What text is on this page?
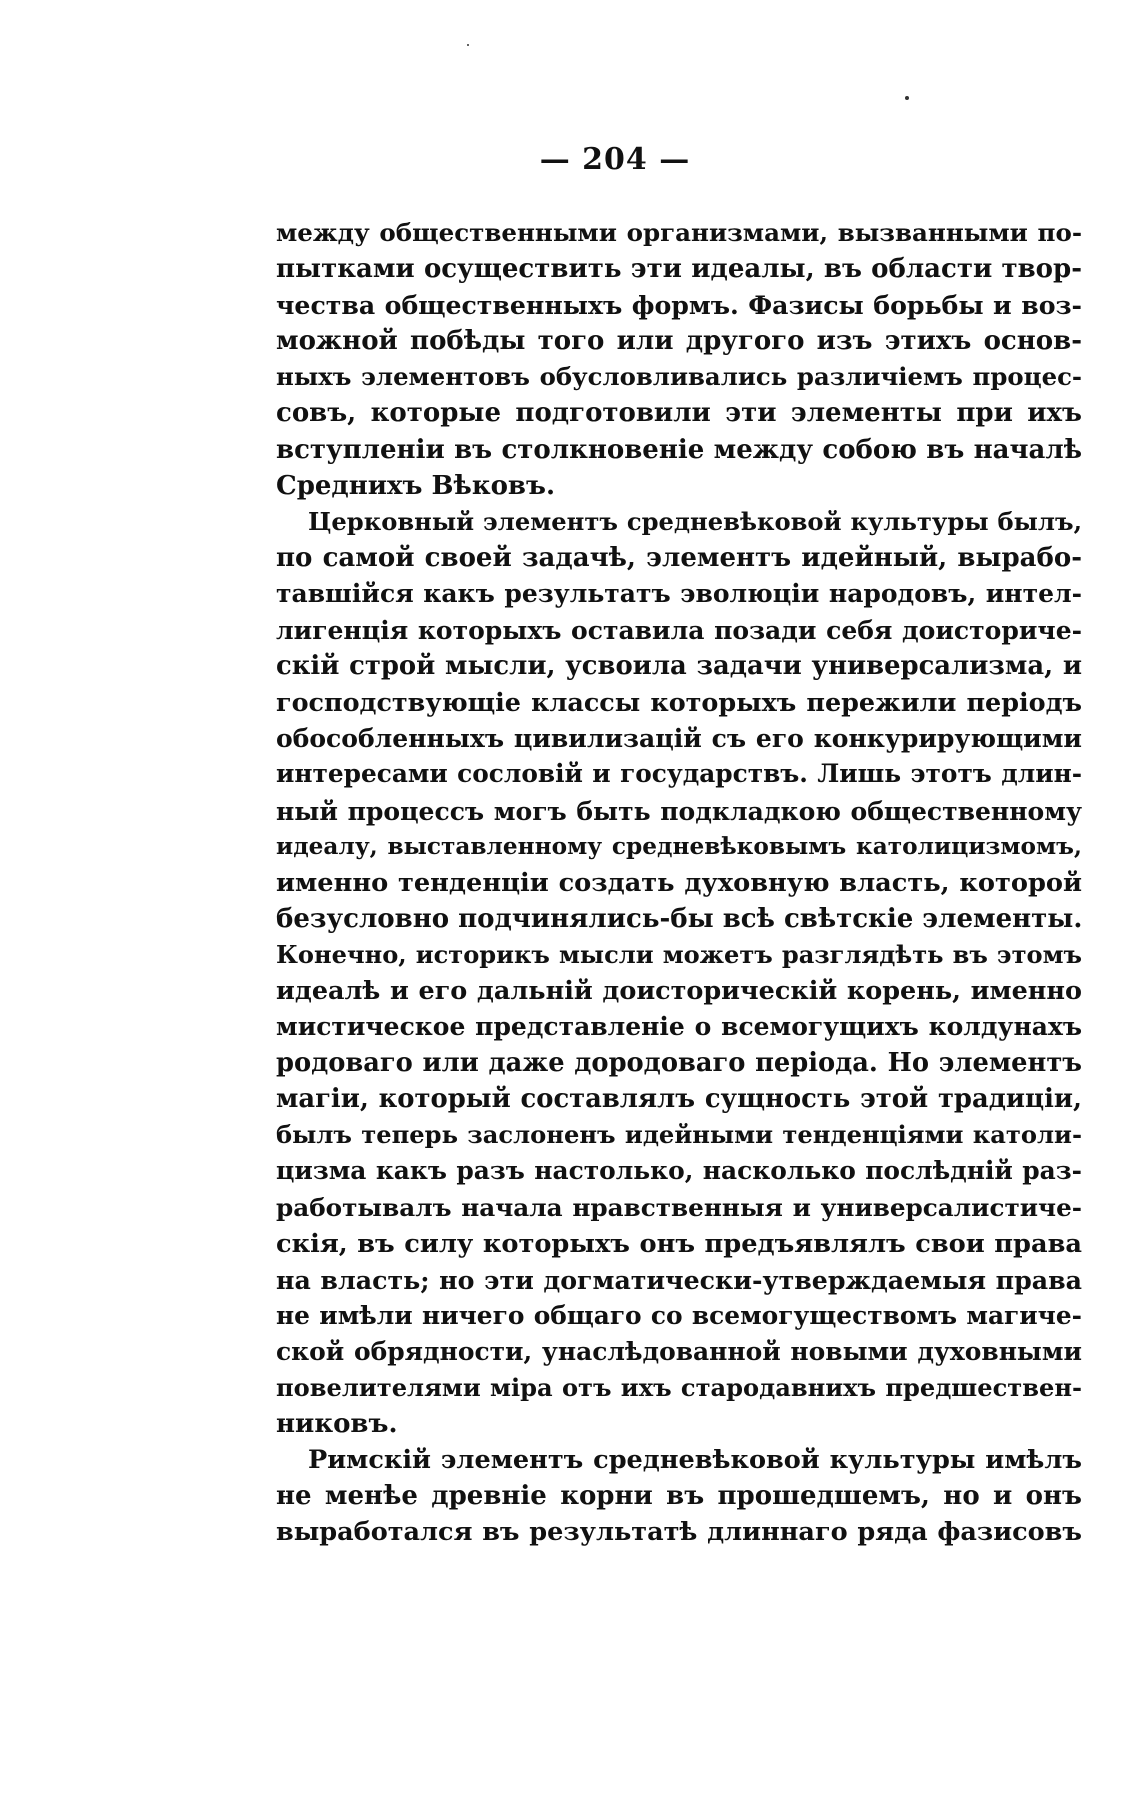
— 204 —
между общественными организмами, вызванными по-
пытками осуществить эти идеалы, въ области твор-
чества общественныхъ формъ. Фазисы борьбы и воз-
можной побѣды того или другого изъ этихъ основ-
ныхъ элементовъ обусловливались различіемъ процес-
совъ, которые подготовили эти элементы при ихъ
вступленіи въ столкновеніе между собою въ началѣ
Среднихъ Вѣковъ.
Церковный элементъ средневѣковой культуры былъ,
по самой своей задачѣ, элементъ идейный, вырабо-
тавшійся какъ результатъ эволюціи народовъ, интел-
лигенція которыхъ оставила позади себя доисториче-
скій строй мысли, усвоила задачи универсализма, и
господствующіе классы которыхъ пережили періодъ
обособленныхъ цивилизацій съ его конкурирующими
интересами сословій и государствъ. Лишь этотъ длин-
ный процессъ могъ быть подкладкою общественному
идеалу, выставленному средневѣковымъ католицизмомъ,
именно тенденціи создать духовную власть, которой
безусловно подчинялись-бы всѣ свѣтскіе элементы.
Конечно, историкъ мысли можетъ разглядѣть въ этомъ
идеалѣ и его дальній доисторическій корень, именно
мистическое представленіе о всемогущихъ колдунахъ
родоваго или даже дородоваго періода. Но элементъ
магіи, который составлялъ сущность этой традиціи,
былъ теперь заслоненъ идейными тенденціями католи-
цизма какъ разъ настолько, насколько послѣдній раз-
работывалъ начала нравственныя и универсалистиче-
скія, въ силу которыхъ онъ предъявлялъ свои права
на власть; но эти догматически-утверждаемыя права
не имѣли ничего общаго со всемогуществомъ магиче-
ской обрядности, унаслѣдованной новыми духовными
повелителями міра отъ ихъ стародавнихъ предшествен-
никовъ.
Римскій элементъ средневѣковой культуры имѣлъ
не менѣе древніе корни въ прошедшемъ, но и онъ
выработался въ результатѣ длиннаго ряда фазисовъ
